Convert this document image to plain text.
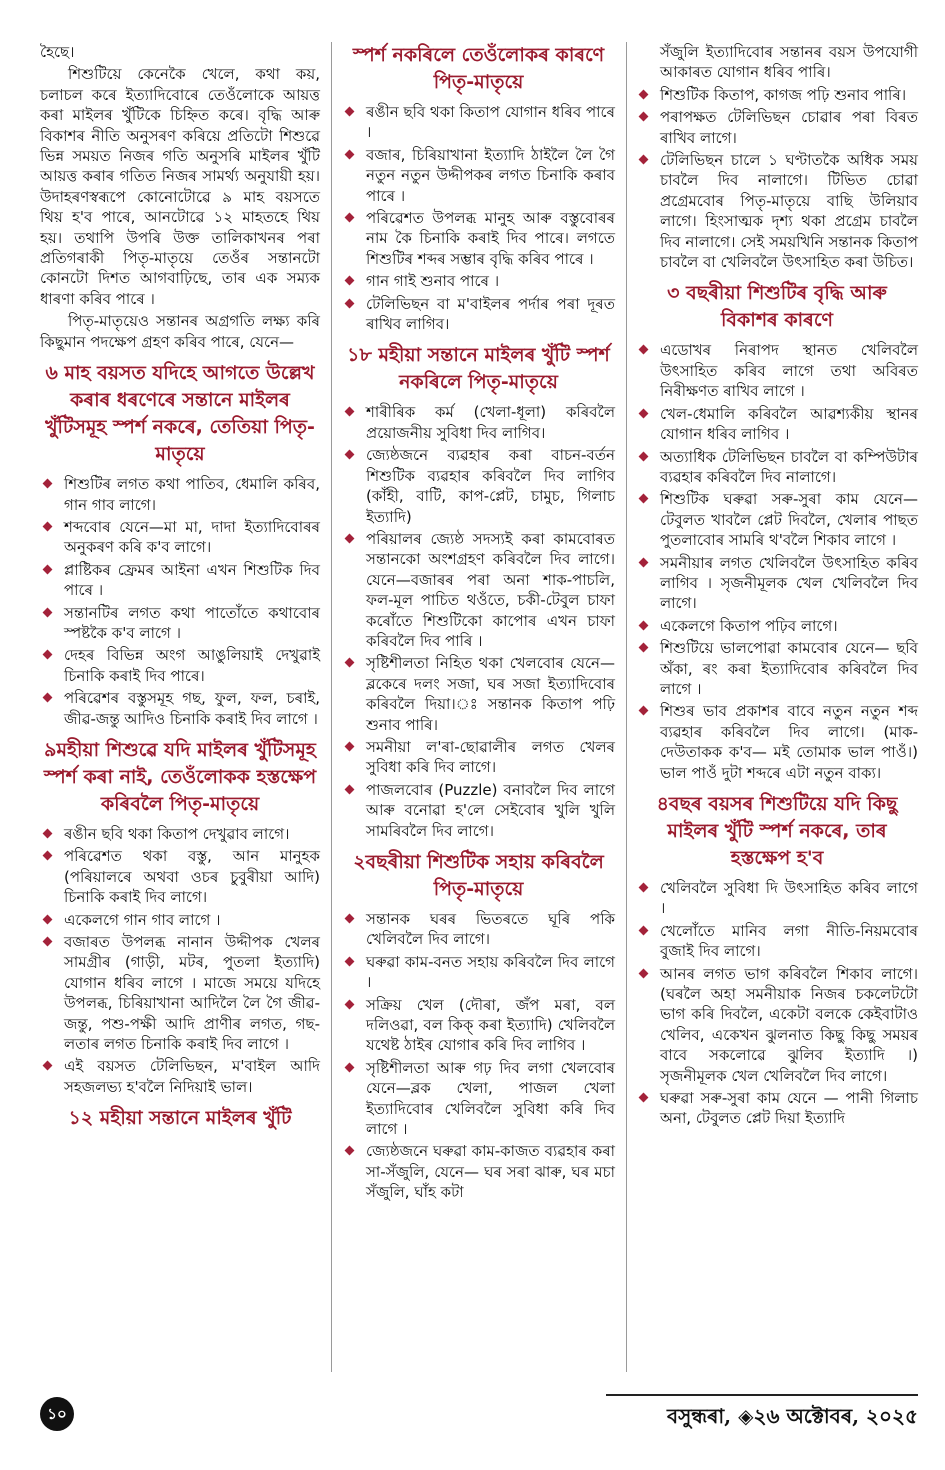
হৈছে।

শিশুটিয়ে কেনেকৈ খেলে, কথা কয়, চলাচল কৰে ইত্যাদিবোৰে তেওঁলোকে আয়ত্ত কৰা মাইলৰ খুঁটিকে চিহ্নিত কৰে। বৃদ্ধি আৰু বিকাশৰ নীতি অনুসৰণ কৰিয়ে প্ৰতিটো শিশুৱে ভিন্ন সময়ত নিজৰ গতি অনুসৰি মাইলৰ খুঁটি আয়ত্ত কৰাৰ গতিত নিজৰ সামৰ্থ্য অনুযায়ী হয়। উদাহৰণস্বৰূপে কোনোটোৱে ৯ মাহ বয়সতে থিয় হ'ব পাৰে, আনটোৱে ১২ মাহতহে থিয় হয়। তথাপি উপৰি উক্ত তালিকাখনৰ পৰা প্ৰতিগৰাকী পিতৃ-মাতৃয়ে তেওঁৰ সন্তানটো কোনটো দিশত আগবাঢ়িছে, তাৰ এক সম্যক ধাৰণা কৰিব পাৰে ।

পিতৃ-মাতৃয়েও সন্তানৰ অগ্ৰগতি লক্ষ্য কৰি কিছুমান পদক্ষেপ গ্ৰহণ কৰিব পাৰে, যেনে—

৬ মাহ বয়সত যদিহে আগতে উল্লেখ কৰাৰ ধৰণেৰে সন্তানে মাইলৰ খুঁটিসমূহ স্পৰ্শ নকৰে, তেতিয়া পিতৃ-মাতৃয়ে
শিশুটিৰ লগত কথা পাতিব, ধেমালি কৰিব, গান গাব লাগে।
শব্দবোৰ যেনে—মা মা, দাদা ইত্যাদিবোৰৰ অনুকৰণ কৰি ক'ব লাগে।
প্লাষ্টিকৰ ফ্ৰেমৰ আইনা এখন শিশুটিক দিব পাৰে ।
সন্তানটিৰ লগত কথা পাতোঁতে কথাবোৰ স্পষ্টকৈ ক'ব লাগে ।
দেহৰ বিভিন্ন অংগ আঙুলিয়াই দেখুৱাই চিনাকি কৰাই দিব পাৰে।
পৰিৱেশৰ বস্তুসমূহ গছ, ফুল, ফল, চৰাই, জীৱ-জন্তু আদিও চিনাকি কৰাই দিব লাগে ।
৯মহীয়া শিশুৱে যদি মাইলৰ খুঁটিসমূহ স্পৰ্শ কৰা নাই, তেওঁলোকক হস্তক্ষেপ কৰিবলৈ পিতৃ-মাতৃয়ে
ৰঙীন ছবি থকা কিতাপ দেখুৱাব লাগে।
পৰিৱেশত থকা বস্তু, আন মানুহক (পৰিয়ালৰে অথবা ওচৰ চুবুৰীয়া আদি) চিনাকি কৰাই দিব লাগে।
একেলগে গান গাব লাগে ।
বজাৰত উপলব্ধ নানান উদ্দীপক খেলৰ সামগ্ৰীৰ (গাড়ী, মটৰ, পুতলা ইত্যাদি) যোগান ধৰিব লাগে । মাজে সময়ে যদিহে উপলব্ধ, চিৰিয়াখানা আদিলৈ লৈ গৈ জীৱ-জন্তু, পশু-পক্ষী আদি প্ৰাণীৰ লগত, গছ-লতাৰ লগত চিনাকি কৰাই দিব লাগে ।
এই বয়সত টেলিভিছন, ম'বাইল আদি সহজলভ্য হ'বলৈ নিদিয়াই ভাল।
১২ মহীয়া সন্তানে মাইলৰ খুঁটি
স্পৰ্শ নকৰিলে তেওঁলোকৰ কাৰণে পিতৃ-মাতৃয়ে
ৰঙীন ছবি থকা কিতাপ যোগান ধৰিব পাৰে ।
বজাৰ, চিৰিয়াখানা ইত্যাদি ঠাইলৈ লৈ গৈ নতুন নতুন উদ্দীপকৰ লগত চিনাকি কৰাব পাৰে ।
পৰিৱেশত উপলব্ধ মানুহ আৰু বস্তুবোৰৰ নাম কৈ চিনাকি কৰাই দিব পাৰে। লগতে শিশুটিৰ শব্দৰ সম্ভাৰ বৃদ্ধি কৰিব পাৰে ।
গান গাই শুনাব পাৰে ।
টেলিভিছন বা ম'বাইলৰ পৰ্দাৰ পৰা দূৰত ৰাখিব লাগিব।
১৮ মহীয়া সন্তানে মাইলৰ খুঁটি স্পৰ্শ নকৰিলে পিতৃ-মাতৃয়ে
শাৰীৰিক কৰ্ম (খেলা-ধূলা) কৰিবলৈ প্ৰয়োজনীয় সুবিধা দিব লাগিব।
জ্যেষ্ঠজনে ব্যৱহাৰ কৰা বাচন-বৰ্তন শিশুটিক ব্যৱহাৰ কৰিবলৈ দিব লাগিব (কাঁহী, বাটি, কাপ-প্লেট, চামুচ, গিলাচ ইত্যাদি)
পৰিয়ালৰ জ্যেষ্ঠ সদস্যই কৰা কামবোৰত সন্তানকো অংশগ্ৰহণ কৰিবলৈ দিব লাগে। যেনে—বজাৰৰ পৰা অনা শাক-পাচলি, ফল-মূল পাচিত থওঁতে, চকী-টেবুল চাফা কৰোঁতে শিশুটিকো কাপোৰ এখন চাফা কৰিবলৈ দিব পাৰি ।
সৃষ্টিশীলতা নিহিত থকা খেলবোৰ যেনে—ব্লকেৰে দলং সজা, ঘৰ সজা ইত্যাদিবোৰ কৰিবলৈ দিয়া।ঃ সন্তানক কিতাপ পঢ়ি শুনাব পাৰি।
সমনীয়া ল'ৰা-ছোৱালীৰ লগত খেলৰ সুবিধা কৰি দিব লাগে।
পাজলবোৰ (Puzzle) বনাবলৈ দিব লাগে আৰু বনোৱা হ'লে সেইবোৰ খুলি খুলি সামৰিবলৈ দিব লাগে।
২বছৰীয়া শিশুটিক সহায় কৰিবলৈ পিতৃ-মাতৃয়ে
সন্তানক ঘৰৰ ভিতৰতে ঘূৰি পকি খেলিবলৈ দিব লাগে।
ঘৰুৱা কাম-বনত সহায় কৰিবলৈ দিব লাগে ।
সক্ৰিয় খেল (দৌৰা, জঁপ মৰা, বল দলিওৱা, বল কিক্ কৰা ইত্যাদি) খেলিবলৈ যথেষ্ট ঠাইৰ যোগাৰ কৰি দিব লাগিব ।
সৃষ্টিশীলতা আৰু গঢ় দিব লগা খেলবোৰ যেনে—ব্লক খেলা, পাজল খেলা ইত্যাদিবোৰ খেলিবলৈ সুবিধা কৰি দিব লাগে ।
জ্যেষ্ঠজনে ঘৰুৱা কাম-কাজত ব্যৱহাৰ কৰা সা-সঁজুলি, যেনে— ঘৰ সৰা ঝাৰু, ঘৰ মচা সঁজুলি, ঘাঁহ কটা

সঁজুলি ইত্যাদিবোৰ সন্তানৰ বয়স উপযোগী আকাৰত যোগান ধৰিব পাৰি।

শিশুটিক কিতাপ, কাগজ পঢ়ি শুনাব পাৰি।
পৰাপক্ষত টেলিভিছন চোৱাৰ পৰা বিৰত ৰাখিব লাগে।
টেলিভিছন চালে ১ ঘণ্টাতকৈ অধিক সময় চাবলৈ দিব নালাগে। টিভিত চোৱা প্ৰগ্ৰেমবোৰ পিতৃ-মাতৃয়ে বাছি উলিয়াব লাগে। হিংসাত্মক দৃশ্য থকা প্ৰগ্ৰেম চাবলৈ দিব নালাগে। সেই সময়খিনি সন্তানক কিতাপ চাবলৈ বা খেলিবলৈ উৎসাহিত কৰা উচিত।
৩ বছৰীয়া শিশুটিৰ বৃদ্ধি আৰু বিকাশৰ কাৰণে
এডোখৰ নিৰাপদ স্থানত খেলিবলৈ উৎসাহিত কৰিব লাগে তথা অবিৰত নিৰীক্ষণত ৰাখিব লাগে ।
খেল-ধেমালি কৰিবলৈ আৱশ্যকীয় স্থানৰ যোগান ধৰিব লাগিব ।
অত্যাধিক টেলিভিছন চাবলৈ বা কম্পিউটাৰ ব্যৱহাৰ কৰিবলৈ দিব নালাগে।
শিশুটিক ঘৰুৱা সৰু-সুৰা কাম যেনে—টেবুলত খাবলৈ প্লেট দিবলৈ, খেলাৰ পাছত পুতলাবোৰ সামৰি থ'বলৈ শিকাব লাগে ।
সমনীয়াৰ লগত খেলিবলৈ উৎসাহিত কৰিব লাগিব । সৃজনীমূলক খেল খেলিবলৈ দিব লাগে।
একেলগে কিতাপ পঢ়িব লাগে।
শিশুটিয়ে ভালপোৱা কামবোৰ যেনে— ছবি অঁকা, ৰং কৰা ইত্যাদিবোৰ কৰিবলৈ দিব লাগে ।
শিশুৰ ভাব প্ৰকাশৰ বাবে নতুন নতুন শব্দ ব্যৱহাৰ কৰিবলৈ দিব লাগে। (মাক-দেউতাকক ক'ব— মই তোমাক ভাল পাওঁ।) ভাল পাওঁ দুটা শব্দৰে এটা নতুন বাক্য।
৪বছৰ বয়সৰ শিশুটিয়ে যদি কিছু মাইলৰ খুঁটি স্পৰ্শ নকৰে, তাৰ হস্তক্ষেপ হ'ব
খেলিবলৈ সুবিধা দি উৎসাহিত কৰিব লাগে ।
খেলোঁতে মানিব লগা নীতি-নিয়মবোৰ বুজাই দিব লাগে।
আনৰ লগত ভাগ কৰিবলৈ শিকাব লাগে। (ঘৰলৈ অহা সমনীয়াক নিজৰ চকলেটটো ভাগ কৰি দিবলৈ, একেটা বলকে কেইবাটাও খেলিব, একেখন ঝুলনাত কিছু কিছু সময়ৰ বাবে সকলোৱে ঝুলিব ইত্যাদি ।) সৃজনীমূলক খেল খেলিবলৈ দিব লাগে।
ঘৰুৱা সৰু-সুৰা কাম যেনে — পানী গিলাচ অনা, টেবুলত প্লেট দিয়া ইত্যাদি
১০	বসুন্ধৰা, ◈২৬ অক্টোবৰ, ২০২৫
